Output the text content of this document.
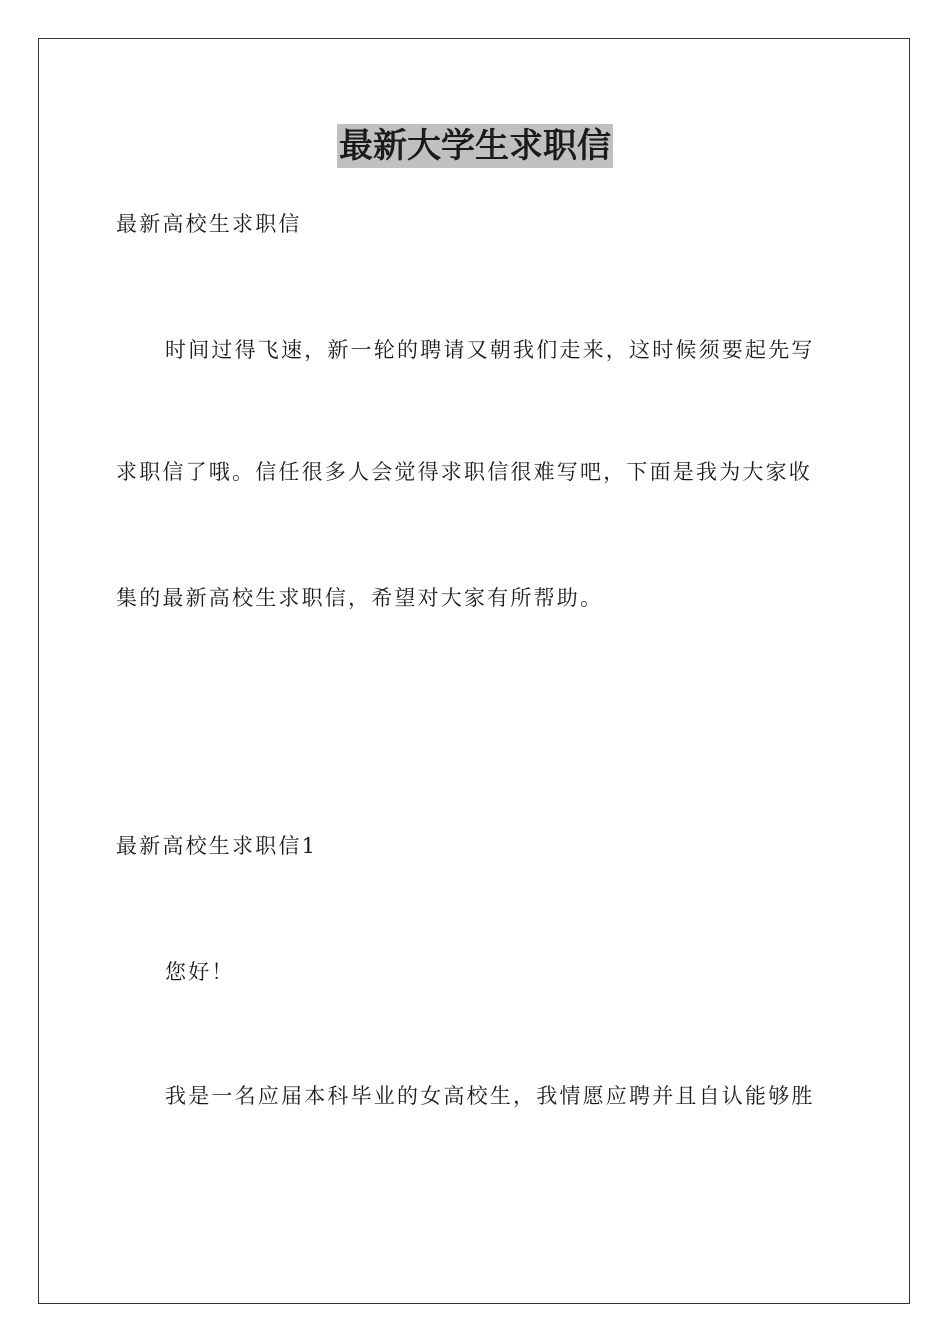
最新大学生求职信
最新高校生求职信
时间过得飞速，新一轮的聘请又朝我们走来，这时候须要起先写
求职信了哦。信任很多人会觉得求职信很难写吧，下面是我为大家收
集的最新高校生求职信，希望对大家有所帮助。
最新高校生求职信1
您好！
我是一名应届本科毕业的女高校生，我情愿应聘并且自认能够胜
